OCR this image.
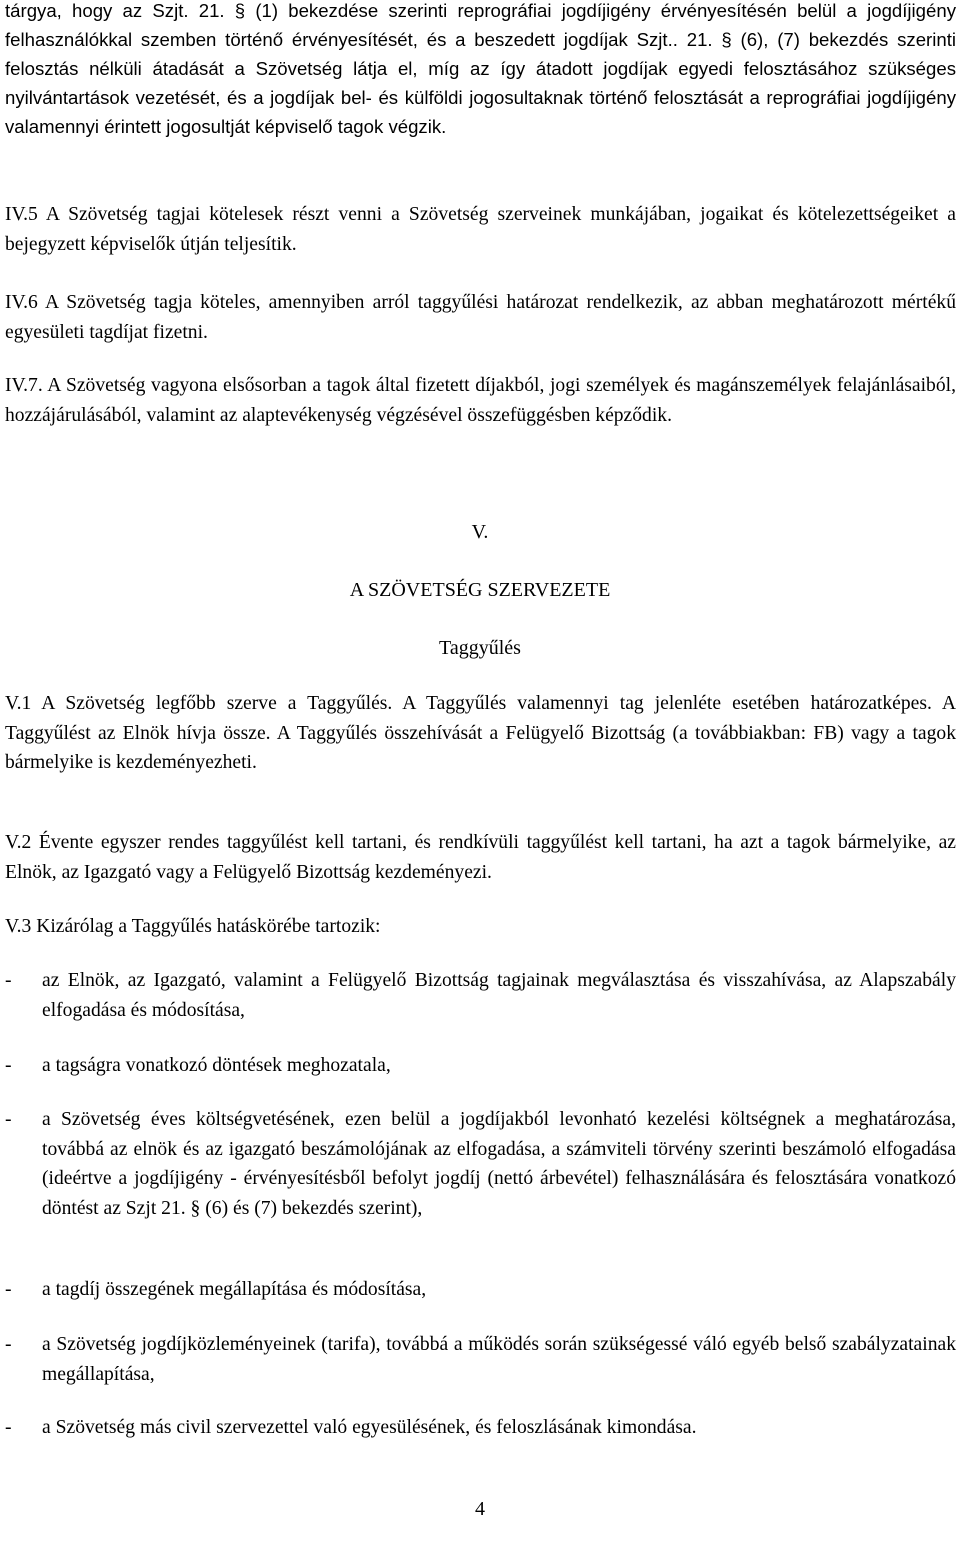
tárgya, hogy az Szjt. 21. § (1) bekezdése szerinti reprográfiai jogdíjigény érvényesítésén belül a jogdíjigény felhasználókkal szemben történő érvényesítését, és a beszedett jogdíjak Szjt.. 21. § (6), (7) bekezdés szerinti felosztás nélküli átadását a Szövetség látja el, míg az így átadott jogdíjak egyedi felosztásához szükséges nyilvántartások vezetését, és a jogdíjak bel- és külföldi jogosultaknak történő felosztását a reprográfiai jogdíjigény valamennyi érintett jogosultját képviselő tagok végzik.

IV.5 A Szövetség tagjai kötelesek részt venni a Szövetség szerveinek munkájában, jogaikat és kötelezettségeiket a bejegyzett képviselők útján teljesítik.

IV.6 A Szövetség tagja köteles, amennyiben arról taggyűlési határozat rendelkezik, az abban meghatározott mértékű egyesületi tagdíjat fizetni.

IV.7. A Szövetség vagyona elsősorban a tagok által fizetett díjakból, jogi személyek és magánszemélyek felajánlásaiból, hozzájárulásából, valamint az alaptevékenység végzésével összefüggésben képződik.

V.
A SZÖVETSÉG SZERVEZETE
Taggyűlés

V.1 A Szövetség legfőbb szerve a Taggyűlés. A Taggyűlés valamennyi tag jelenléte esetében határozatképes. A Taggyűlést az Elnök hívja össze. A Taggyűlés összehívását a Felügyelő Bizottság (a továbbiakban: FB) vagy a tagok bármelyike is kezdeményezheti.

V.2 Évente egyszer rendes taggyűlést kell tartani, és rendkívüli taggyűlést kell tartani, ha azt a tagok bármelyike, az Elnök, az Igazgató vagy a Felügyelő Bizottság kezdeményezi.

V.3 Kizárólag a Taggyűlés hatáskörébe tartozik:

-	az Elnök, az Igazgató, valamint a Felügyelő Bizottság tagjainak megválasztása és visszahívása, az Alapszabály elfogadása és módosítása,
-	a tagságra vonatkozó döntések meghozatala,
-	a Szövetség éves költségvetésének, ezen belül a jogdíjakból levonható kezelési költségnek a meghatározása, továbbá az elnök és az igazgató beszámolójának az elfogadása, a számviteli törvény szerinti beszámoló elfogadása (ideértve a jogdíjigény - érvényesítésből befolyt jogdíj (nettó árbevétel) felhasználására és felosztására vonatkozó döntést az Szjt 21. § (6) és (7) bekezdés szerint),
-	a tagdíj összegének megállapítása és módosítása,
-	a Szövetség jogdíjközleményeinek (tarifa), továbbá a működés során szükségessé váló egyéb belső szabályzatainak megállapítása,
-	a Szövetség más civil szervezettel való egyesülésének, és feloszlásának kimondása.
4
